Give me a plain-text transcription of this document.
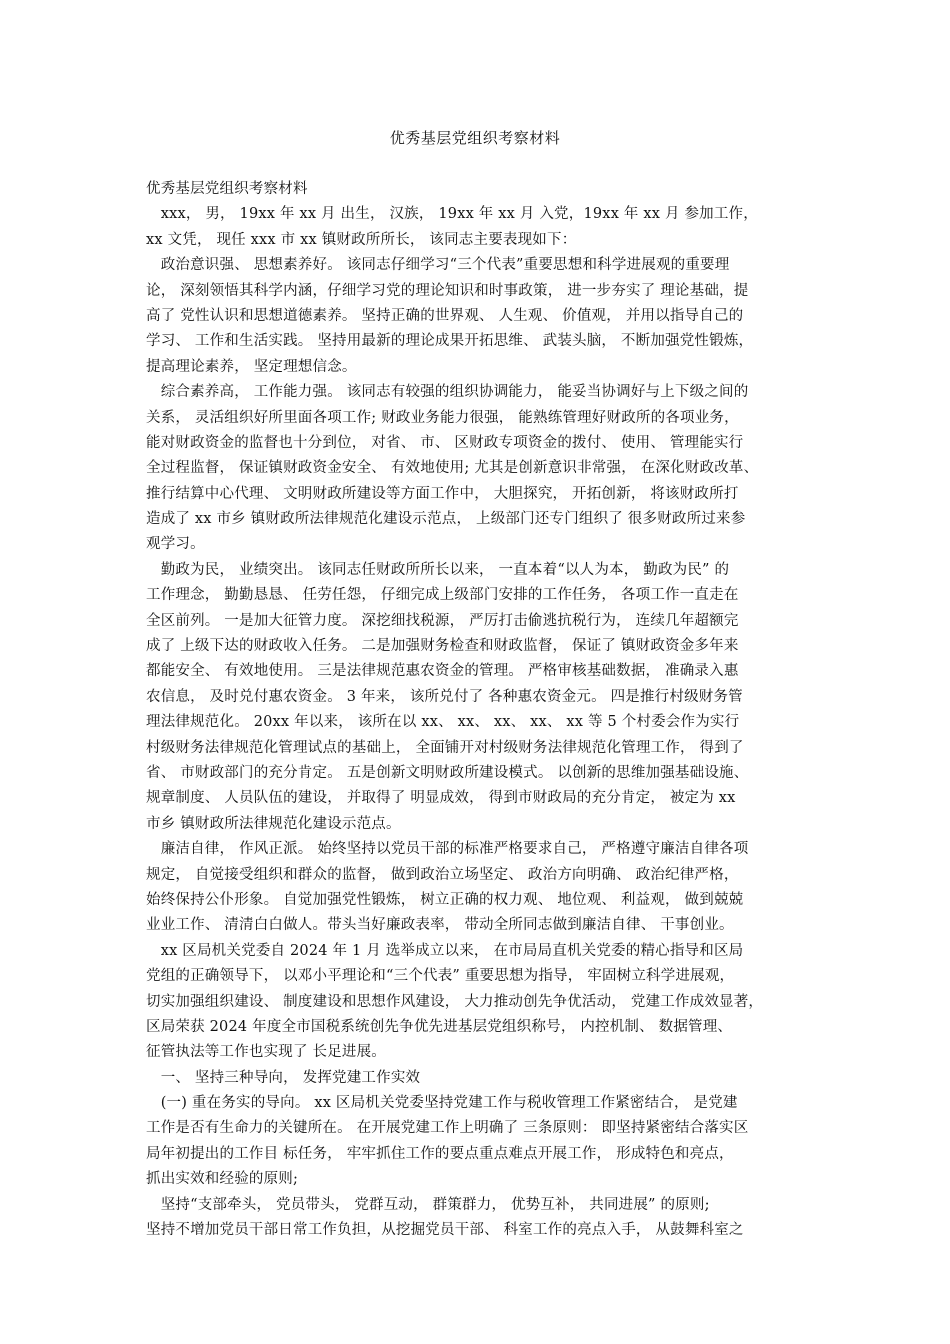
优秀基层党组织考察材料
优秀基层党组织考察材料
　xxx， 男， 19xx 年 xx 月 出生， 汉族， 19xx 年 xx 月 入党，19xx 年 xx 月 参加工作，
xx 文凭， 现任 xxx 市 xx 镇财政所所长， 该同志主要表现如下：
　政治意识强、 思想素养好。 该同志仔细学习“三个代表”重要思想和科学进展观的重要理
论， 深刻领悟其科学内涵，仔细学习党的理论知识和时事政策， 进一步夯实了 理论基础，提
高了 党性认识和思想道德素养。 坚持正确的世界观、 人生观、 价值观， 并用以指导自己的
学习、 工作和生活实践。 坚持用最新的理论成果开拓思维、 武装头脑， 不断加强党性锻炼，
提高理论素养， 坚定理想信念。
　综合素养高， 工作能力强。 该同志有较强的组织协调能力， 能妥当协调好与上下级之间的
关系， 灵活组织好所里面各项工作; 财政业务能力很强， 能熟练管理好财政所的各项业务，
能对财政资金的监督也十分到位， 对省、 市、 区财政专项资金的拨付、 使用、 管理能实行
全过程监督， 保证镇财政资金安全、 有效地使用; 尤其是创新意识非常强， 在深化财政改革、
推行结算中心代理、 文明财政所建设等方面工作中， 大胆探究， 开拓创新， 将该财政所打
造成了 xx 市乡 镇财政所法律规范化建设示范点， 上级部门还专门组织了 很多财政所过来参
观学习。
　勤政为民， 业绩突出。 该同志任财政所所长以来， 一直本着“以人为本， 勤政为民” 的
工作理念， 勤勤恳恳、 任劳任怨， 仔细完成上级部门安排的工作任务， 各项工作一直走在
全区前列。 一是加大征管力度。 深挖细找税源， 严厉打击偷逃抗税行为， 连续几年超额完
成了 上级下达的财政收入任务。 二是加强财务检查和财政监督， 保证了 镇财政资金多年来
都能安全、 有效地使用。 三是法律规范惠农资金的管理。 严格审核基础数据， 准确录入惠
农信息， 及时兑付惠农资金。 3 年来， 该所兑付了 各种惠农资金元。 四是推行村级财务管
理法律规范化。 20xx 年以来， 该所在以 xx、 xx、 xx、 xx、 xx 等 5 个村委会作为实行
村级财务法律规范化管理试点的基础上， 全面铺开对村级财务法律规范化管理工作， 得到了
省、 市财政部门的充分肯定。 五是创新文明财政所建设模式。 以创新的思维加强基础设施、
规章制度、 人员队伍的建设， 并取得了 明显成效， 得到市财政局的充分肯定， 被定为 xx
市乡 镇财政所法律规范化建设示范点。
　廉洁自律， 作风正派。 始终坚持以党员干部的标准严格要求自己， 严格遵守廉洁自律各项
规定， 自觉接受组织和群众的监督， 做到政治立场坚定、 政治方向明确、 政治纪律严格，
始终保持公仆形象。 自觉加强党性锻炼， 树立正确的权力观、 地位观、 利益观， 做到兢兢
业业工作、 清清白白做人。带头当好廉政表率， 带动全所同志做到廉洁自律、 干事创业。
　xx 区局机关党委自 2024 年 1 月 选举成立以来， 在市局局直机关党委的精心指导和区局
党组的正确领导下， 以邓小平理论和“三个代表” 重要思想为指导， 牢固树立科学进展观，
切实加强组织建设、 制度建设和思想作风建设， 大力推动创先争优活动， 党建工作成效显著，
区局荣获 2024 年度全市国税系统创先争优先进基层党组织称号， 内控机制、 数据管理、
征管执法等工作也实现了 长足进展。
　一、 坚持三种导向， 发挥党建工作实效
　(一) 重在务实的导向。 xx 区局机关党委坚持党建工作与税收管理工作紧密结合， 是党建
工作是否有生命力的关键所在。 在开展党建工作上明确了 三条原则： 即坚持紧密结合落实区
局年初提出的工作目 标任务， 牢牢抓住工作的要点重点难点开展工作， 形成特色和亮点，
抓出实效和经验的原则;
　坚持“支部牵头， 党员带头， 党群互动， 群策群力， 优势互补， 共同进展” 的原则;
坚持不增加党员干部日常工作负担，从挖掘党员干部、 科室工作的亮点入手， 从鼓舞科室之
